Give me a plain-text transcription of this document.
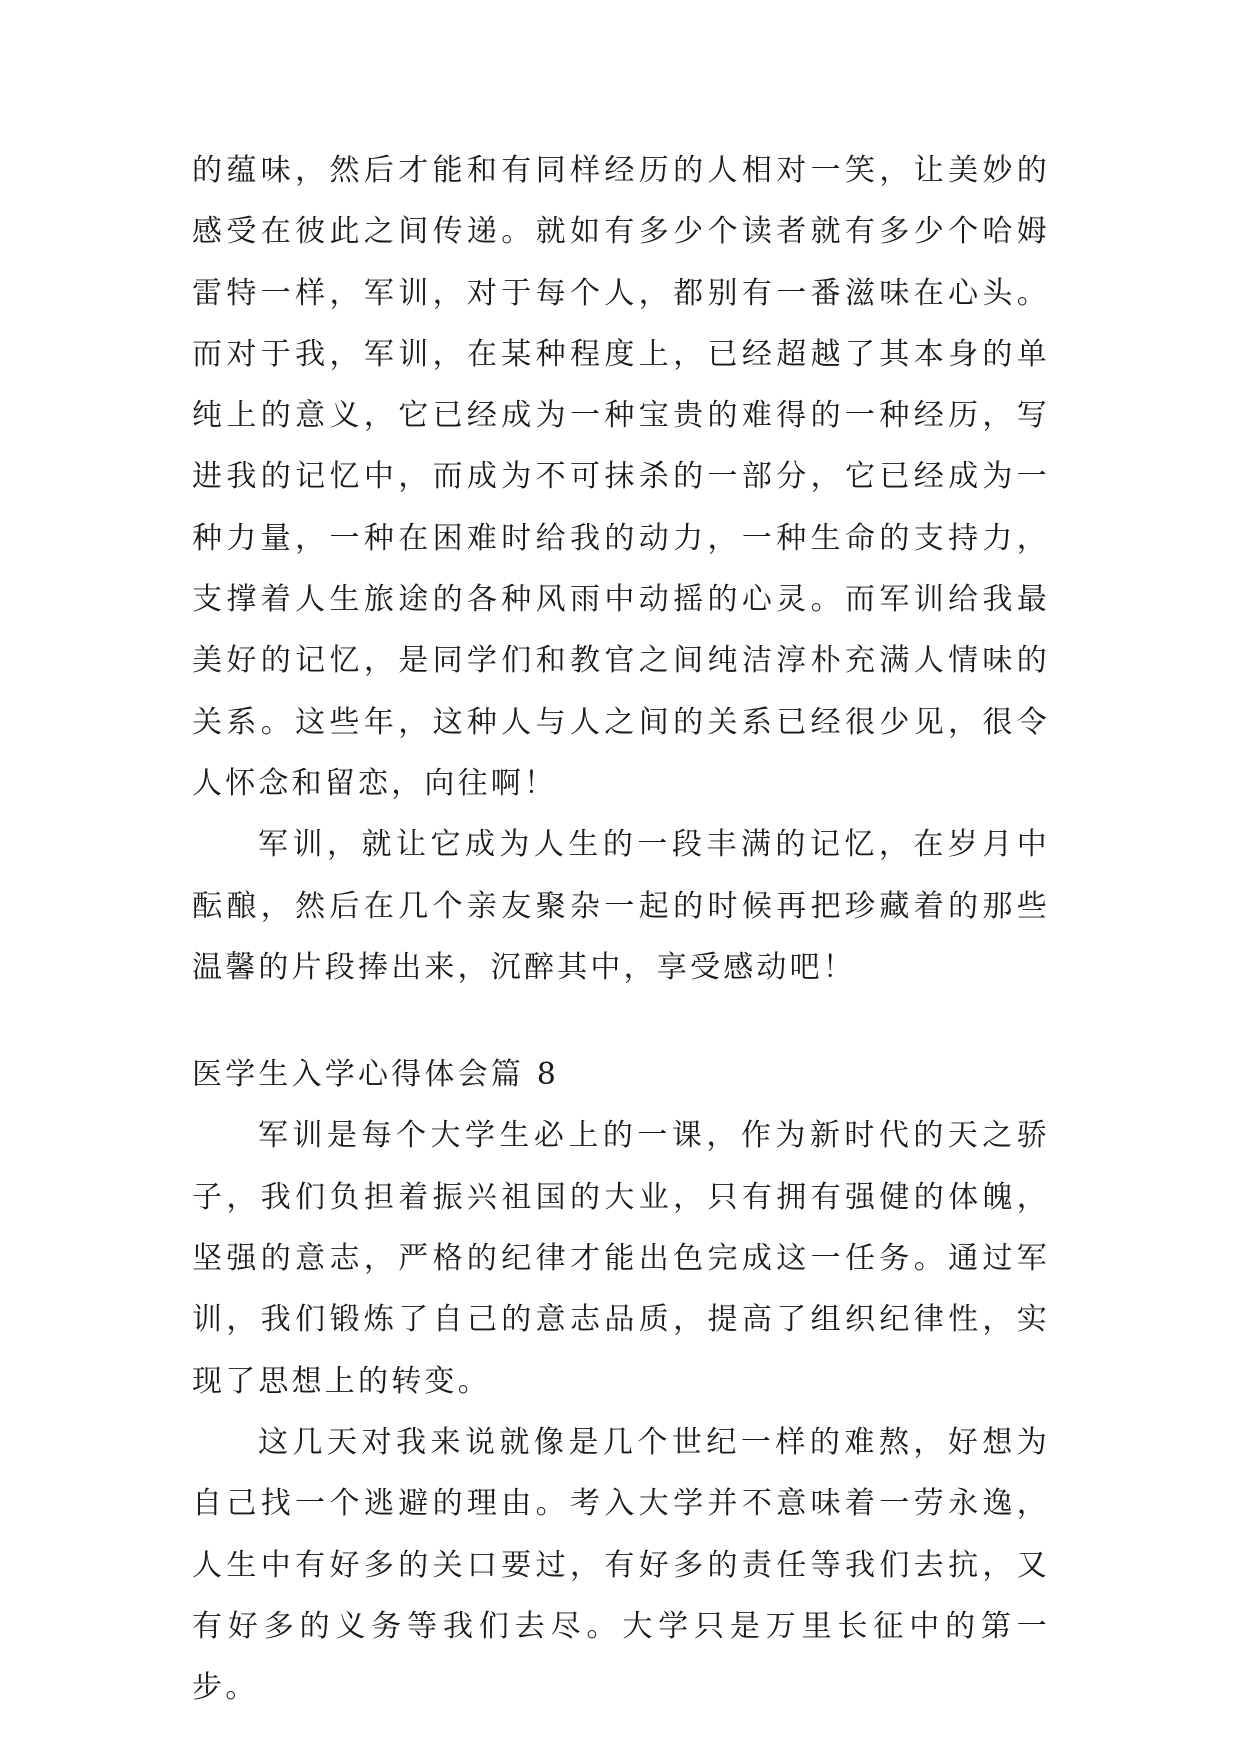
的蕴味，然后才能和有同样经历的人相对一笑，让美妙的感受在彼此之间传递。就如有多少个读者就有多少个哈姆雷特一样，军训，对于每个人，都别有一番滋味在心头。而对于我，军训，在某种程度上，已经超越了其本身的单纯上的意义，它已经成为一种宝贵的难得的一种经历，写进我的记忆中，而成为不可抹杀的一部分，它已经成为一种力量，一种在困难时给我的动力，一种生命的支持力，支撑着人生旅途的各种风雨中动摇的心灵。而军训给我最美好的记忆，是同学们和教官之间纯洁淳朴充满人情味的关系。这些年，这种人与人之间的关系已经很少见，很令人怀念和留恋，向往啊！

军训，就让它成为人生的一段丰满的记忆，在岁月中酝酿，然后在几个亲友聚杂一起的时候再把珍藏着的那些温馨的片段捧出来，沉醉其中，享受感动吧！

医学生入学心得体会篇 8

军训是每个大学生必上的一课，作为新时代的天之骄子，我们负担着振兴祖国的大业，只有拥有强健的体魄，坚强的意志，严格的纪律才能出色完成这一任务。通过军训，我们锻炼了自己的意志品质，提高了组织纪律性，实现了思想上的转变。

这几天对我来说就像是几个世纪一样的难熬，好想为自己找一个逃避的理由。考入大学并不意味着一劳永逸，人生中有好多的关口要过，有好多的责任等我们去抗，又有好多的义务等我们去尽。大学只是万里长征中的第一步。
